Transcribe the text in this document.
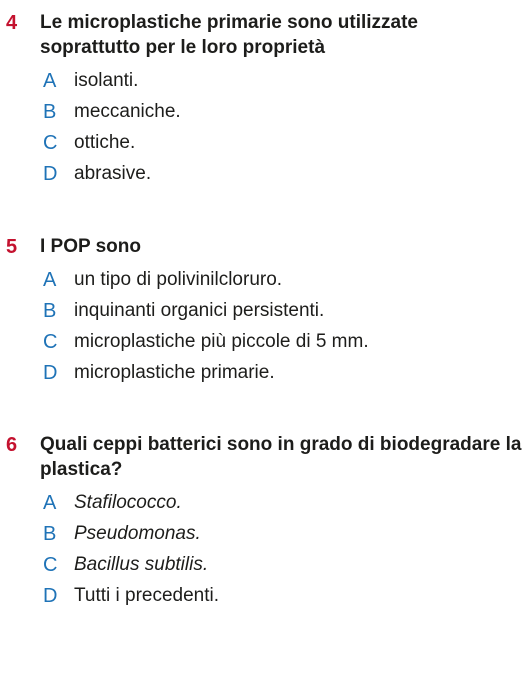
4 Le microplastiche primarie sono utilizzate soprattutto per le loro proprietà
A isolanti.
B meccaniche.
C ottiche.
D abrasive.
5 I POP sono
A un tipo di polivinilcloruro.
B inquinanti organici persistenti.
C microplastiche più piccole di 5 mm.
D microplastiche primarie.
6 Quali ceppi batterici sono in grado di biodegradare la plastica?
A Stafilococco.
B Pseudomonas.
C Bacillus subtilis.
D Tutti i precedenti.
